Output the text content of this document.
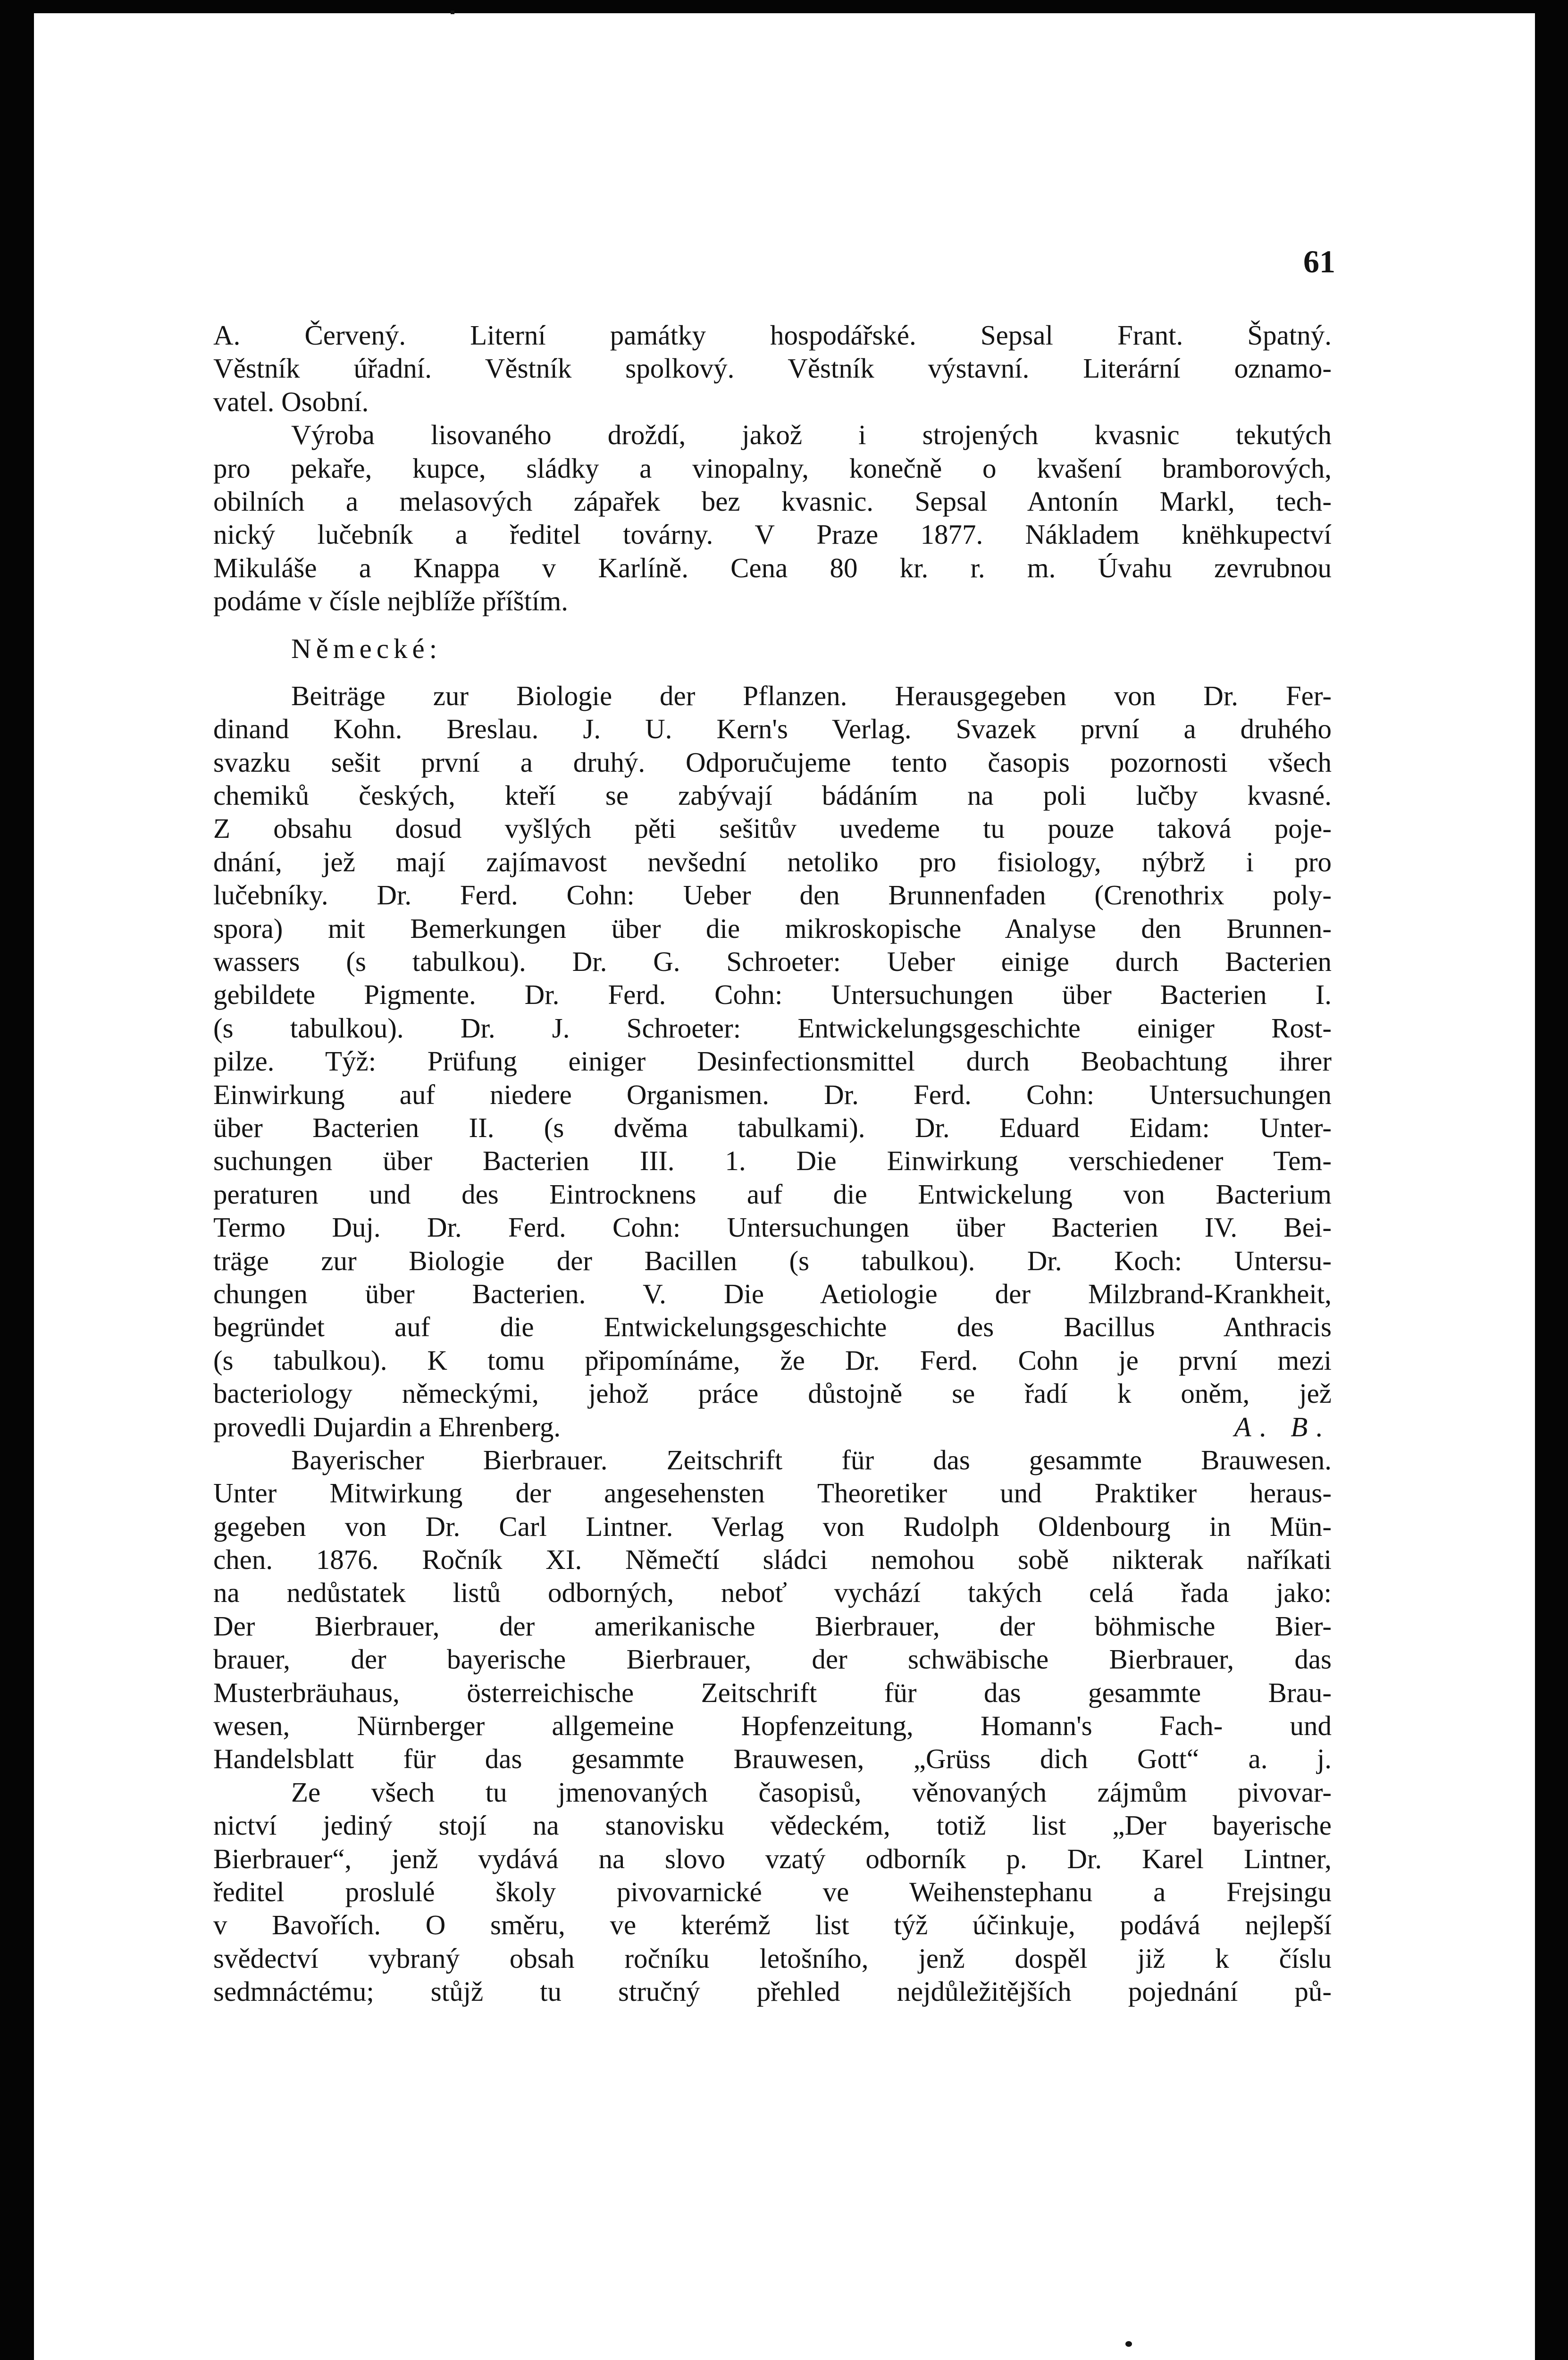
61
A. Červený. Literní památky hospodářské. Sepsal Frant. Špatný.
Věstník úřadní. Věstník spolkový. Věstník výstavní. Literární oznamo-
vatel. Osobní.
Výroba lisovaného droždí, jakož i strojených kvasnic tekutých
pro pekaře, kupce, sládky a vinopalny, konečně o kvašení bramborových,
obilních a melasových zápařek bez kvasnic. Sepsal Antonín Markl, tech-
nický lučebník a ředitel továrny. V Praze 1877. Nákladem knëhkupectví
Mikuláše a Knappa v Karlíně. Cena 80 kr. r. m. Úvahu zevrubnou
podáme v čísle nejblíže příštím.
Německé:
Beiträge zur Biologie der Pflanzen. Herausgegeben von Dr. Fer-
dinand Kohn. Breslau. J. U. Kern's Verlag. Svazek první a druhého
svazku sešit první a druhý. Odporučujeme tento časopis pozornosti všech
chemiků českých, kteří se zabývají bádáním na poli lučby kvasné.
Z obsahu dosud vyšlých pěti sešitův uvedeme tu pouze taková poje-
dnání, jež mají zajímavost nevšední netoliko pro fisiology, nýbrž i pro
lučebníky. Dr. Ferd. Cohn: Ueber den Brunnenfaden (Crenothrix poly-
spora) mit Bemerkungen über die mikroskopische Analyse den Brunnen-
wassers (s tabulkou). Dr. G. Schroeter: Ueber einige durch Bacterien
gebildete Pigmente. Dr. Ferd. Cohn: Untersuchungen über Bacterien I.
(s tabulkou). Dr. J. Schroeter: Entwickelungsgeschichte einiger Rost-
pilze. Týž: Prüfung einiger Desinfectionsmittel durch Beobachtung ihrer
Einwirkung auf niedere Organismen. Dr. Ferd. Cohn: Untersuchungen
über Bacterien II. (s dvěma tabulkami). Dr. Eduard Eidam: Unter-
suchungen über Bacterien III. 1. Die Einwirkung verschiedener Tem-
peraturen und des Eintrocknens auf die Entwickelung von Bacterium
Termo Duj. Dr. Ferd. Cohn: Untersuchungen über Bacterien IV. Bei-
träge zur Biologie der Bacillen (s tabulkou). Dr. Koch: Untersu-
chungen über Bacterien. V. Die Aetiologie der Milzbrand-Krankheit,
begründet auf die Entwickelungsgeschichte des Bacillus Anthracis
(s tabulkou). K tomu připomínáme, že Dr. Ferd. Cohn je první mezi
bacteriology německými, jehož práce důstojně se řadí k oněm, jež
provedli Dujardin a Ehrenberg.	A. B.
Bayerischer Bierbrauer. Zeitschrift für das gesammte Brauwesen.
Unter Mitwirkung der angesehensten Theoretiker und Praktiker heraus-
gegeben von Dr. Carl Lintner. Verlag von Rudolph Oldenbourg in Mün-
chen. 1876. Ročník XI. Němečtí sládci nemohou sobě nikterak naříkati
na nedůstatek listů odborných, neboť vychází takých celá řada jako:
Der Bierbrauer, der amerikanische Bierbrauer, der böhmische Bier-
brauer, der bayerische Bierbrauer, der schwäbische Bierbrauer, das
Musterbräuhaus, österreichische Zeitschrift für das gesammte Brau-
wesen, Nürnberger allgemeine Hopfenzeitung, Homann's Fach- und
Handelsblatt für das gesammte Brauwesen, „Grüss dich Gott“ a. j.
Ze všech tu jmenovaných časopisů, věnovaných zájmům pivovar-
nictví jediný stojí na stanovisku vědeckém, totiž list „Der bayerische
Bierbrauer“, jenž vydává na slovo vzatý odborník p. Dr. Karel Lintner,
ředitel proslulé školy pivovarnické ve Weihenstephanu a Frejsingu
v Bavořích. O směru, ve kterémž list týž účinkuje, podává nejlepší
svědectví vybraný obsah ročníku letošního, jenž dospěl již k číslu
sedmnáctému; stůjž tu stručný přehled nejdůležitějších pojednání pů-
